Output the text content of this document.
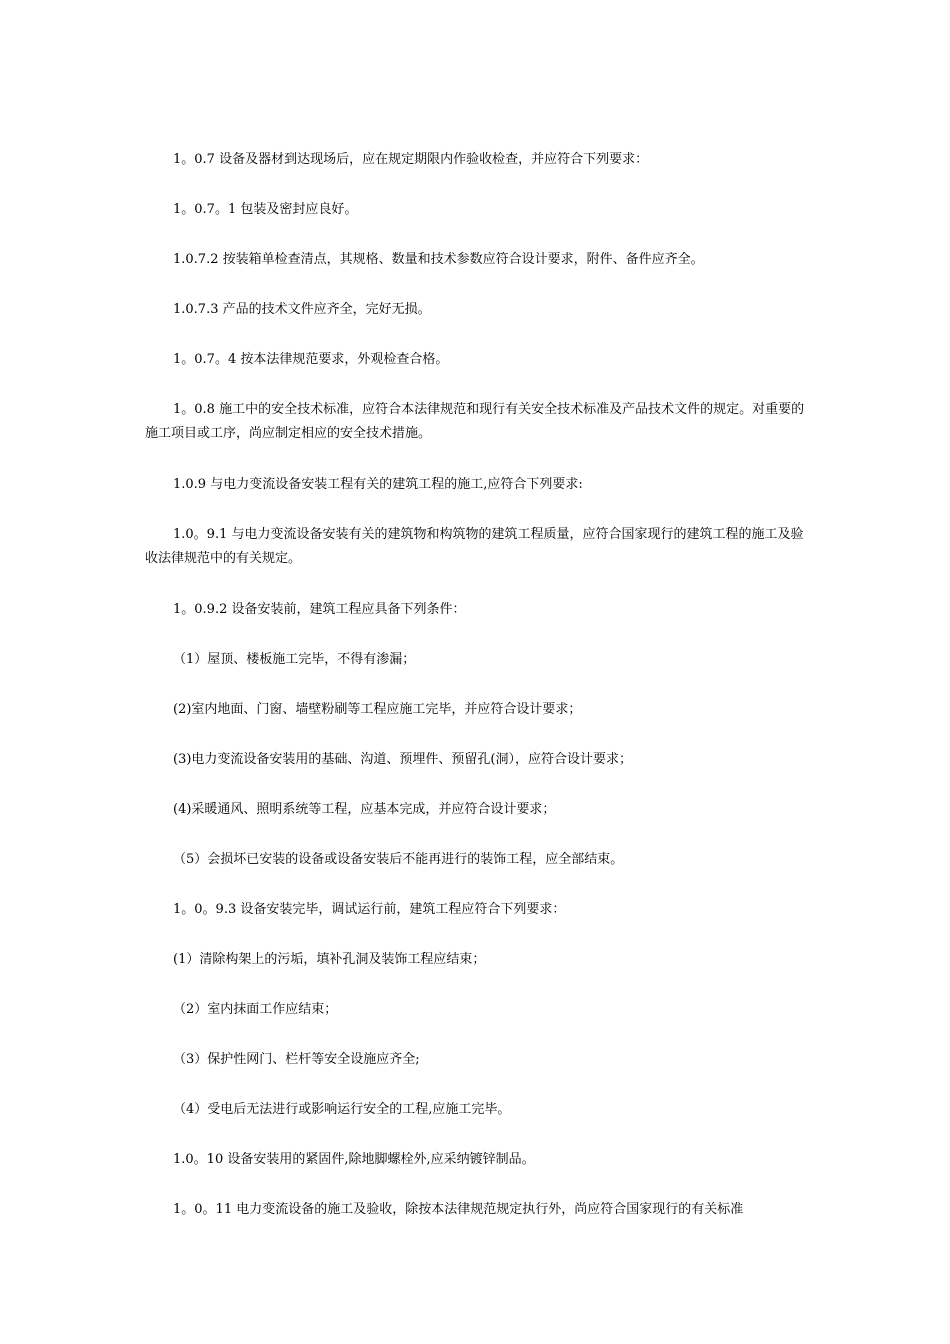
1。0.7 设备及器材到达现场后，应在规定期限内作验收检查，并应符合下列要求：

1。0.7。1 包装及密封应良好。

1.0.7.2 按装箱单检查清点，其规格、数量和技术参数应符合设计要求，附件、备件应齐全。

1.0.7.3 产品的技术文件应齐全，完好无损。

1。0.7。4 按本法律规范要求，外观检查合格。

1。0.8 施工中的安全技术标准，应符合本法律规范和现行有关安全技术标准及产品技术文件的规定。对重要的施工项目或工序，尚应制定相应的安全技术措施。

1.0.9 与电力变流设备安装工程有关的建筑工程的施工,应符合下列要求:

1.0。9.1 与电力变流设备安装有关的建筑物和构筑物的建筑工程质量，应符合国家现行的建筑工程的施工及验收法律规范中的有关规定。

1。0.9.2 设备安装前，建筑工程应具备下列条件：

（1）屋顶、楼板施工完毕，不得有渗漏；

(2)室内地面、门窗、墙壁粉刷等工程应施工完毕，并应符合设计要求；

(3)电力变流设备安装用的基础、沟道、预埋件、预留孔(洞），应符合设计要求；

(4)采暖通风、照明系统等工程，应基本完成，并应符合设计要求；

（5）会损坏已安装的设备或设备安装后不能再进行的装饰工程，应全部结束。

1。0。9.3 设备安装完毕，调试运行前，建筑工程应符合下列要求：

(1）清除构架上的污垢，填补孔洞及装饰工程应结束；

（2）室内抹面工作应结束；

（3）保护性网门、栏杆等安全设施应齐全;

（4）受电后无法进行或影响运行安全的工程,应施工完毕。

1.0。10 设备安装用的紧固件,除地脚螺栓外,应采纳镀锌制品。

1。0。11 电力变流设备的施工及验收，除按本法律规范规定执行外，尚应符合国家现行的有关标准
